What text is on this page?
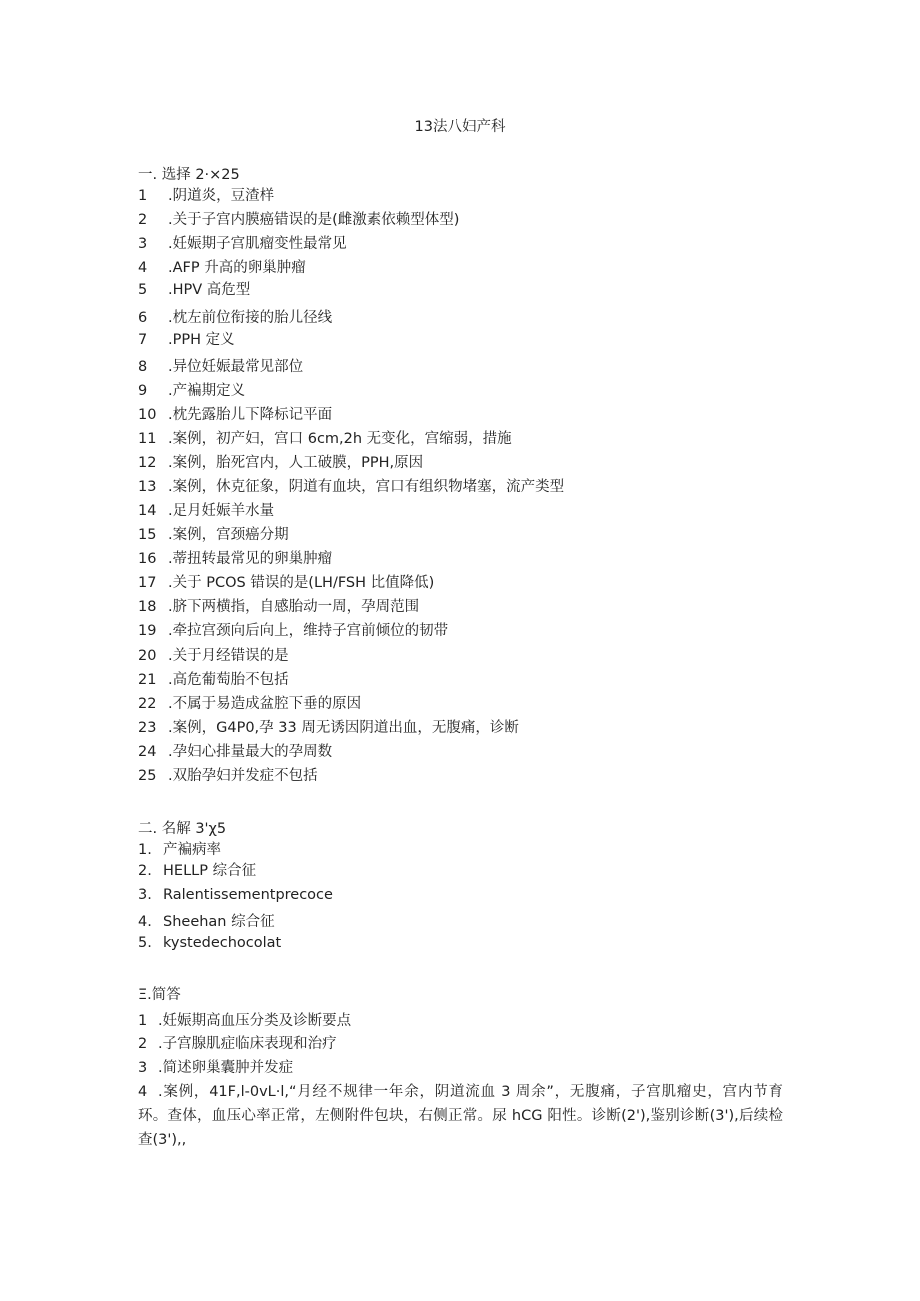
13法八妇产科
一. 选择 2·×25
1 .阴道炎，豆渣样
2 .关于子宫内膜癌错误的是(雌激素依赖型体型)
3 .妊娠期子宫肌瘤变性最常见
4 .AFP 升高的卵巢肿瘤
5 .HPV 高危型
6 .枕左前位衔接的胎儿径线
7 .PPH 定义
8 .异位妊娠最常见部位
9 .产褊期定义
10 .枕先露胎儿下降标记平面
11 .案例，初产妇，宫口 6cm,2h 无变化，宫缩弱，措施
12 .案例，胎死宫内，人工破膜，PPH,原因
13 .案例，休克征象，阴道有血块，宫口有组织物堵塞，流产类型
14 .足月妊娠羊水量
15 .案例，宫颈癌分期
16 .蒂扭转最常见的卵巢肿瘤
17 .关于 PCOS 错误的是(LH/FSH 比值降低)
18 .脐下两横指，自感胎动一周，孕周范围
19 .牵拉宫颈向后向上，维持子宫前倾位的韧带
20 .关于月经错误的是
21 .高危葡萄胎不包括
22 .不属于易造成盆腔下垂的原因
23 .案例，G4P0,孕 33 周无诱因阴道出血，无腹痛，诊断
24 .孕妇心排量最大的孕周数
25 .双胎孕妇并发症不包括
二. 名解 3'χ5
1. 产褊病率
2. HELLP 综合征
3. Ralentissementprecoce
4. Sheehan 综合征
5. kystedechocolat
Ξ.简答
1 .妊娠期高血压分类及诊断要点
2 .子宫腺肌症临床表现和治疗
3 .简述卵巢囊肿并发症
4 .案例，41F,l-0vL·l,“月经不规律一年余，阴道流血 3 周余”，无腹痛，子宫肌瘤史，宫内节育环。查体，血压心率正常，左侧附件包块，右侧正常。尿 hCG 阳性。诊断(2'),鉴别诊断(3'),后续检查(3'),,
